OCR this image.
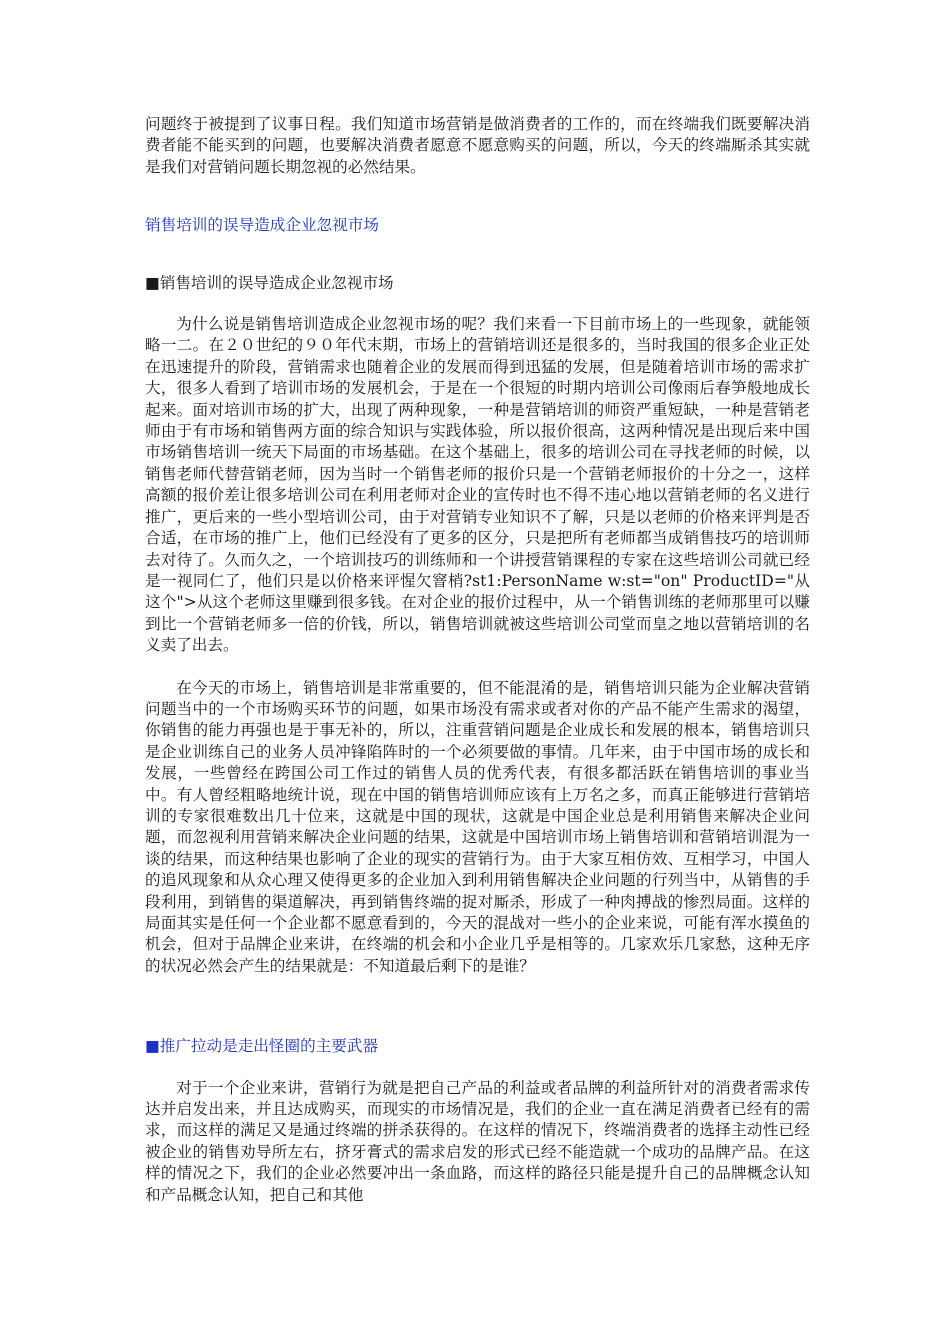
问题终于被提到了议事日程。我们知道市场营销是做消费者的工作的，而在终端我们既要解决消费者能不能买到的问题，也要解决消费者愿意不愿意购买的问题，所以，今天的终端厮杀其实就是我们对营销问题长期忽视的必然结果。

销售培训的误导造成企业忽视市场

■销售培训的误导造成企业忽视市场

为什么说是销售培训造成企业忽视市场的呢？我们来看一下目前市场上的一些现象，就能领略一二。在２０世纪的９０年代末期，市场上的营销培训还是很多的，当时我国的很多企业正处在迅速提升的阶段，营销需求也随着企业的发展而得到迅猛的发展，但是随着培训市场的需求扩大，很多人看到了培训市场的发展机会，于是在一个很短的时期内培训公司像雨后春笋般地成长起来。面对培训市场的扩大，出现了两种现象，一种是营销培训的师资严重短缺，一种是营销老师由于有市场和销售两方面的综合知识与实践体验，所以报价很高，这两种情况是出现后来中国市场销售培训一统天下局面的市场基础。在这个基础上，很多的培训公司在寻找老师的时候，以销售老师代替营销老师，因为当时一个销售老师的报价只是一个营销老师报价的十分之一，这样高额的报价差让很多培训公司在利用老师对企业的宣传时也不得不违心地以营销老师的名义进行推广，更后来的一些小型培训公司，由于对营销专业知识不了解，只是以老师的价格来评判是否合适，在市场的推广上，他们已经没有了更多的区分，只是把所有老师都当成销售技巧的培训师去对待了。久而久之，一个培训技巧的训练师和一个讲授营销课程的专家在这些培训公司就已经是一视同仁了，他们只是以价格来评惺欠窨梢?st1:PersonName w:st="on" ProductID="从这个">从这个老师这里赚到很多钱。在对企业的报价过程中，从一个销售训练的老师那里可以赚到比一个营销老师多一倍的价钱，所以，销售培训就被这些培训公司堂而皇之地以营销培训的名义卖了出去。

在今天的市场上，销售培训是非常重要的，但不能混淆的是，销售培训只能为企业解决营销问题当中的一个市场购买环节的问题，如果市场没有需求或者对你的产品不能产生需求的渴望，你销售的能力再强也是于事无补的，所以，注重营销问题是企业成长和发展的根本，销售培训只是企业训练自己的业务人员冲锋陷阵时的一个必须要做的事情。几年来，由于中国市场的成长和发展，一些曾经在跨国公司工作过的销售人员的优秀代表，有很多都活跃在销售培训的事业当中。有人曾经粗略地统计说，现在中国的销售培训师应该有上万名之多，而真正能够进行营销培训的专家很难数出几十位来，这就是中国的现状，这就是中国企业总是利用销售来解决企业问题，而忽视利用营销来解决企业问题的结果，这就是中国培训市场上销售培训和营销培训混为一谈的结果，而这种结果也影响了企业的现实的营销行为。由于大家互相仿效、互相学习，中国人的追风现象和从众心理又使得更多的企业加入到利用销售解决企业问题的行列当中，从销售的手段利用，到销售的渠道解决，再到销售终端的捉对厮杀，形成了一种肉搏战的惨烈局面。这样的局面其实是任何一个企业都不愿意看到的，今天的混战对一些小的企业来说，可能有浑水摸鱼的机会，但对于品牌企业来讲，在终端的机会和小企业几乎是相等的。几家欢乐几家愁，这种无序的状况必然会产生的结果就是：不知道最后剩下的是谁？

■推广拉动是走出怪圈的主要武器

对于一个企业来讲，营销行为就是把自己产品的利益或者品牌的利益所针对的消费者需求传达并启发出来，并且达成购买，而现实的市场情况是，我们的企业一直在满足消费者已经有的需求，而这样的满足又是通过终端的拼杀获得的。在这样的情况下，终端消费者的选择主动性已经被企业的销售劝导所左右，挤牙膏式的需求启发的形式已经不能造就一个成功的品牌产品。在这样的情况之下，我们的企业必然要冲出一条血路，而这样的路径只能是提升自己的品牌概念认知和产品概念认知，把自己和其他
